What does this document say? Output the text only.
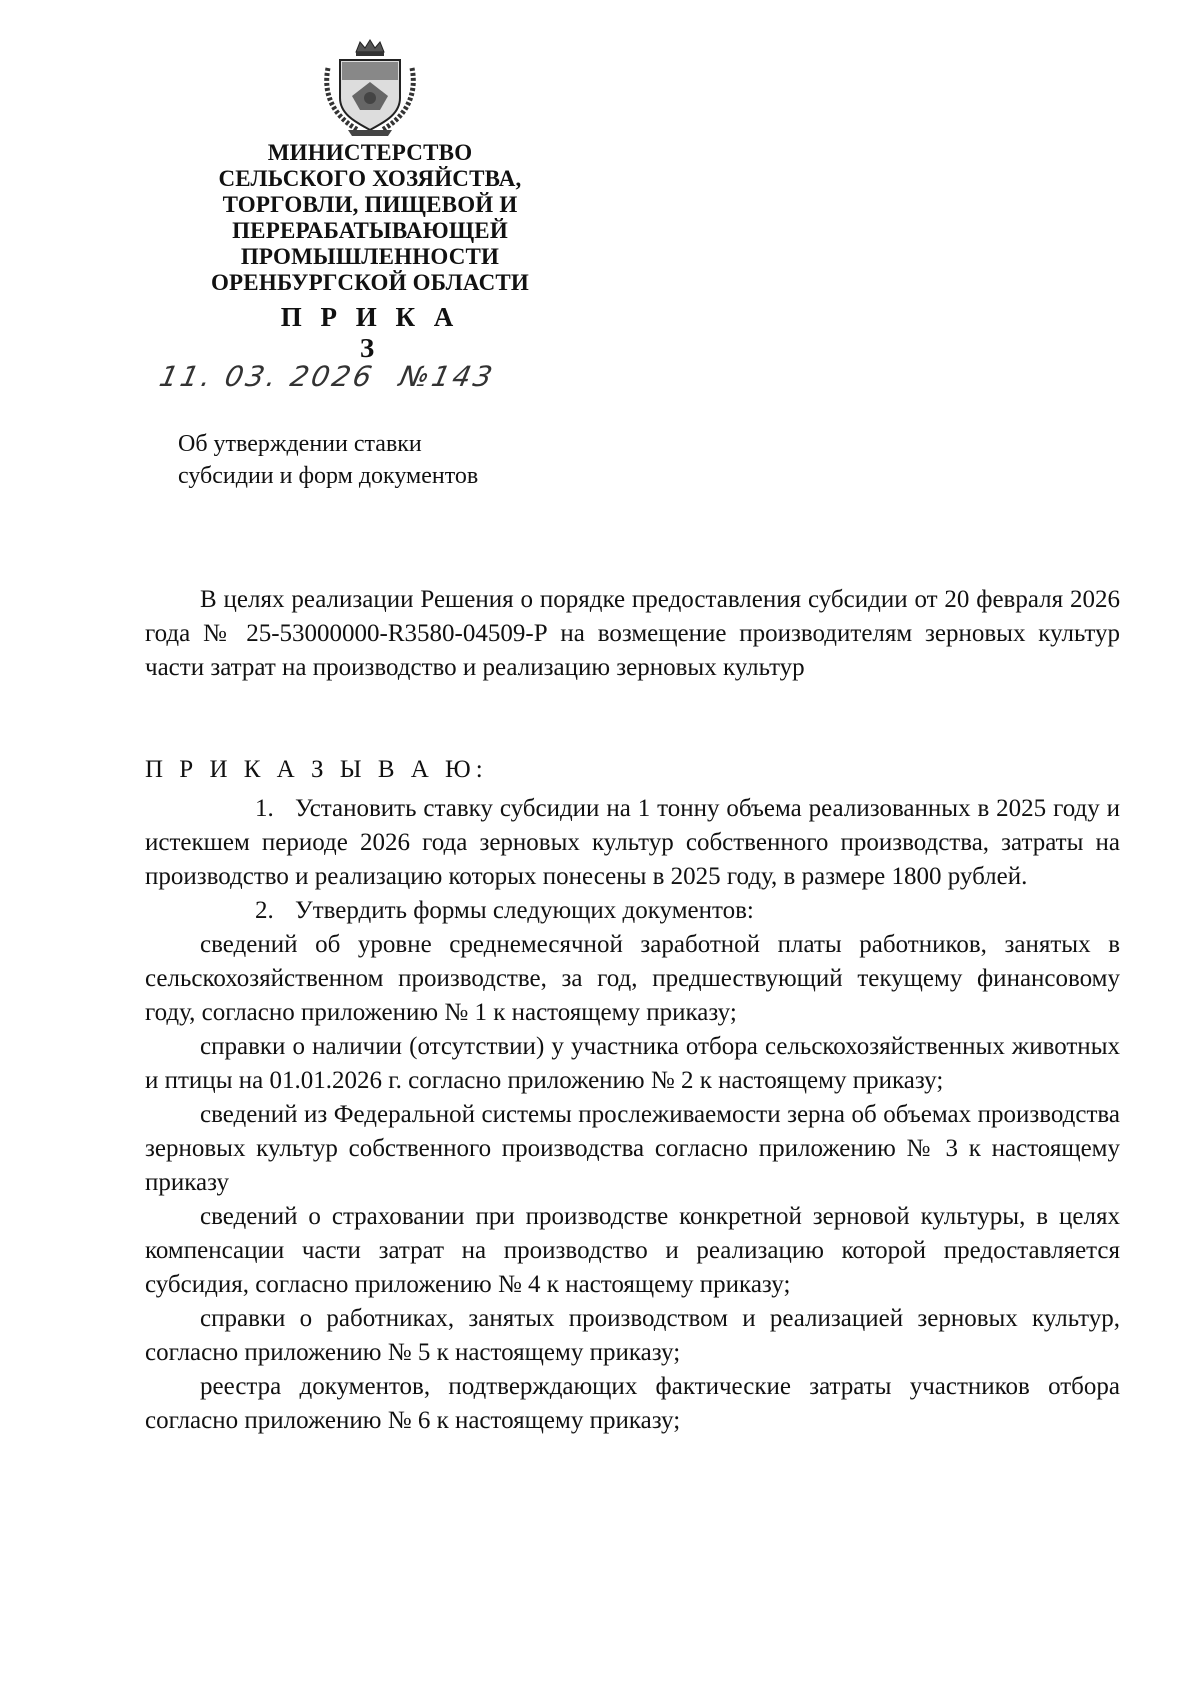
МИНИСТЕРСТВО
СЕЛЬСКОГО ХОЗЯЙСТВА,
ТОРГОВЛИ, ПИЩЕВОЙ И
ПЕРЕРАБАТЫВАЮЩЕЙ
ПРОМЫШЛЕННОСТИ
ОРЕНБУРГСКОЙ ОБЛАСТИ
П Р И К А З
11. 03. 2026 №143
Об утверждении ставки
субсидии и форм документов

В целях реализации Решения о порядке предоставления субсидии от 20 февраля 2026 года № 25-53000000-R3580-04509-Р на возмещение производителям зерновых культур части затрат на производство и реализацию зерновых культур

П Р И К А З Ы В А Ю:

1. Установить ставку субсидии на 1 тонну объема реализованных в 2025 году и истекшем периоде 2026 года зерновых культур собственного производства, затраты на производство и реализацию которых понесены в 2025 году, в размере 1800 рублей.

2. Утвердить формы следующих документов:

сведений об уровне среднемесячной заработной платы работников, занятых в сельскохозяйственном производстве, за год, предшествующий текущему финансовому году, согласно приложению № 1 к настоящему приказу;

справки о наличии (отсутствии) у участника отбора сельскохозяйственных животных и птицы на 01.01.2026 г. согласно приложению № 2 к настоящему приказу;

сведений из Федеральной системы прослеживаемости зерна об объемах производства зерновых культур собственного производства согласно приложению № 3 к настоящему приказу

сведений о страховании при производстве конкретной зерновой культуры, в целях компенсации части затрат на производство и реализацию которой предоставляется субсидия, согласно приложению № 4 к настоящему приказу;

справки о работниках, занятых производством и реализацией зерновых культур, согласно приложению № 5 к настоящему приказу;

реестра документов, подтверждающих фактические затраты участников отбора согласно приложению № 6 к настоящему приказу;
